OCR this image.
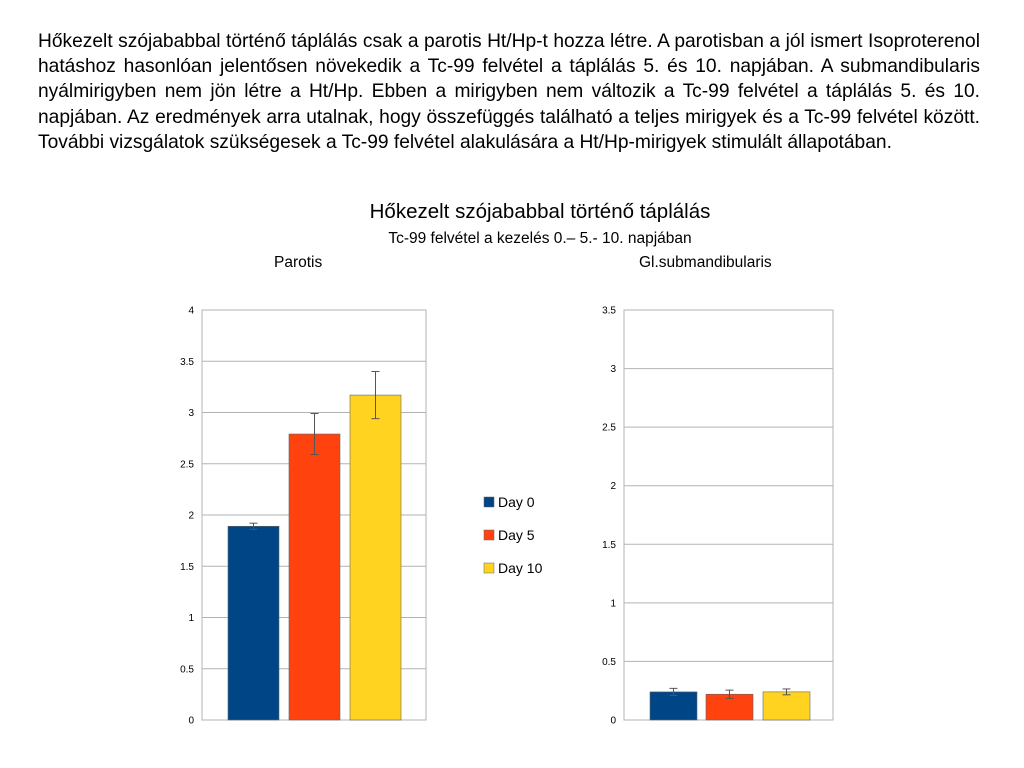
Hőkezelt szójababbal történő táplálás csak a parotis Ht/Hp-t hozza létre. A parotisban a jól ismert Isoproterenol hatáshoz hasonlóan jelentősen növekedik a Tc-99 felvétel a táplálás 5. és 10. napjában. A submandibularis nyálmirigyben nem jön létre a Ht/Hp. Ebben a mirigyben nem változik a Tc-99 felvétel a táplálás 5. és 10. napjában. Az eredmények arra utalnak, hogy összefüggés található a teljes mirigyek és a Tc-99 felvétel között. További vizsgálatok szükségesek a Tc-99 felvétel alakulására a Ht/Hp-mirigyek stimulált állapotában.

Hőkezelt szójababbal történő táplálás
Tc-99 felvétel a kezelés 0.– 5.- 10. napjában
Parotis	Gl.submandibularis
0
0.5
1
1.5
2
2.5
3
3.5
4
Day 0
Day 5
Day 10
0
0.5
1
1.5
2
2.5
3
3.5
